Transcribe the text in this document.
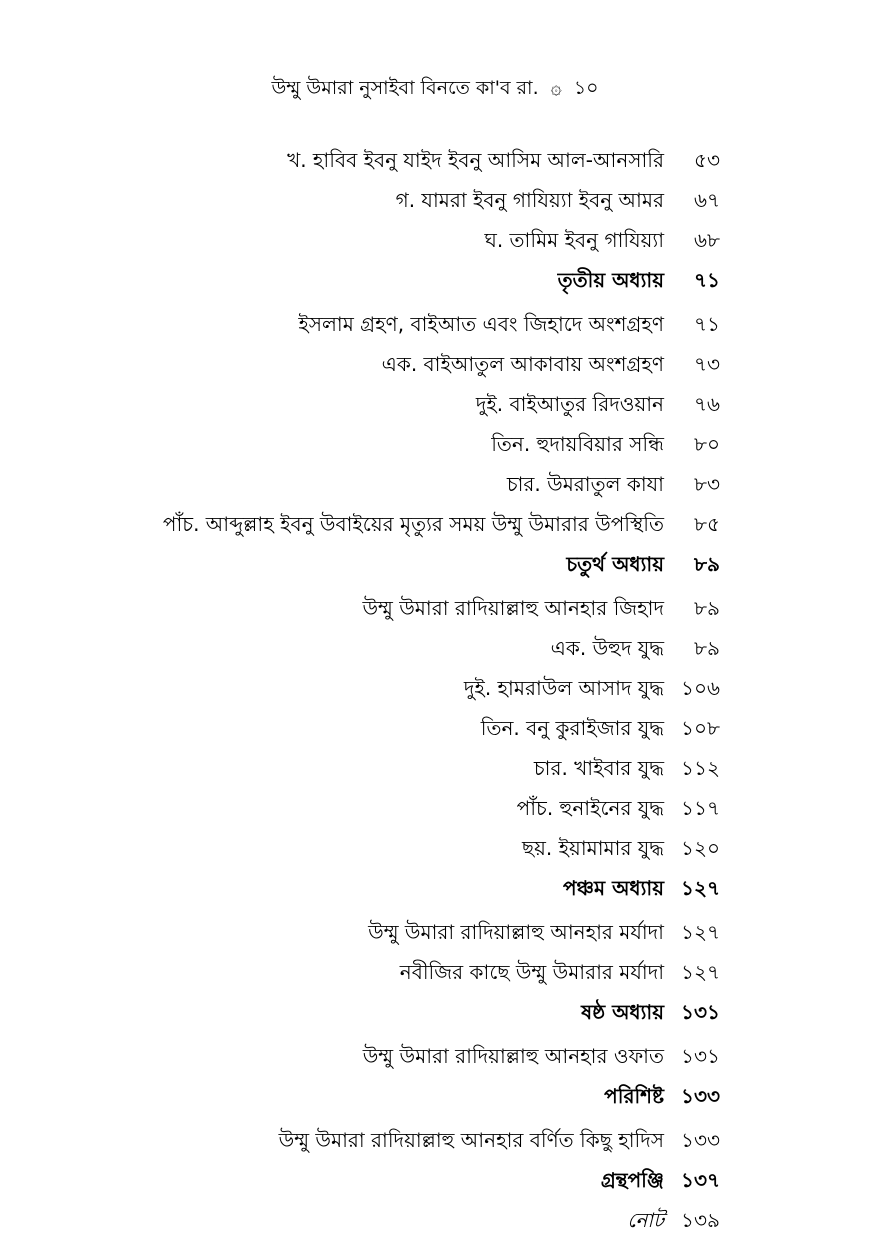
উম্মু উমারা নুসাইবা বিনতে কা'ব রা. ۞ ১০
খ. হাবিব ইবনু যাইদ ইবনু আসিম আল-আনসারি	৫৩
গ. যামরা ইবনু গাযিয়্যা ইবনু আমর	৬৭
ঘ. তামিম ইবনু গাযিয়্যা	৬৮
তৃতীয় অধ্যায়	৭১
ইসলাম গ্রহণ, বাইআত এবং জিহাদে অংশগ্রহণ	৭১
এক. বাইআতুল আকাবায় অংশগ্রহণ	৭৩
দুই. বাইআতুর রিদওয়ান	৭৬
তিন. হুদায়বিয়ার সন্ধি	৮০
চার. উমরাতুল কাযা	৮৩
পাঁচ. আব্দুল্লাহ ইবনু উবাইয়ের মৃত্যুর সময় উম্মু উমারার উপস্থিতি	৮৫
চতুর্থ অধ্যায়	৮৯
উম্মু উমারা রাদিয়াল্লাহু আনহার জিহাদ	৮৯
এক. উহুদ যুদ্ধ	৮৯
দুই. হামরাউল আসাদ যুদ্ধ ১০৬
তিন. বনু কুরাইজার যুদ্ধ ১০৮
চার. খাইবার যুদ্ধ ১১২
পাঁচ. হুনাইনের যুদ্ধ ১১৭
ছয়. ইয়ামামার যুদ্ধ ১২০
পঞ্চম অধ্যায় ১২৭
উম্মু উমারা রাদিয়াল্লাহু আনহার মর্যাদা ১২৭
নবীজির কাছে উম্মু উমারার মর্যাদা ১২৭
ষষ্ঠ অধ্যায় ১৩১
উম্মু উমারা রাদিয়াল্লাহু আনহার ওফাত ১৩১
পরিশিষ্ট ১৩৩
উম্মু উমারা রাদিয়াল্লাহু আনহার বর্ণিত কিছু হাদিস ১৩৩
গ্রন্থপঞ্জি ১৩৭
নোট ১৩৯
